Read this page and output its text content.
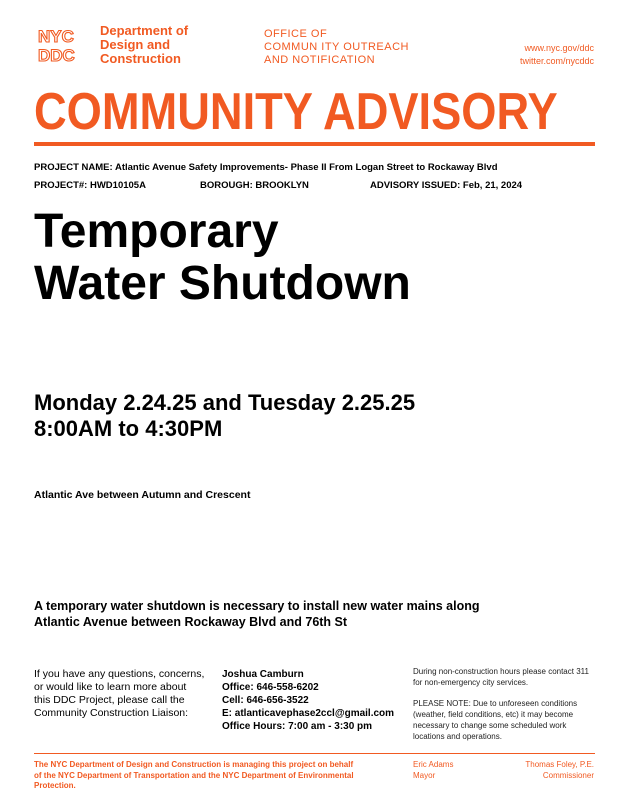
NYC
DDC
Department of
Design and
Construction
OFFICE OF
COMMUN ITY OUTREACH
AND NOTIFICATION
www.nyc.gov/ddc
twitter.com/nycddc
COMMUNITY ADVISORY
PROJECT NAME: Atlantic Avenue Safety Improvements- Phase II From Logan Street to Rockaway Blvd
PROJECT#: HWD10105A	BOROUGH: BROOKLYN	ADVISORY ISSUED: Feb, 21, 2024
Temporary
Water Shutdown
Monday 2.24.25 and Tuesday 2.25.25
8:00AM to 4:30PM
Atlantic Ave between Autumn and Crescent
A temporary water shutdown is necessary to install new water mains along
Atlantic Avenue between Rockaway Blvd and 76th St
If you have any questions, concerns,
or would like to learn more about
this DDC Project, please call the
Community Construction Liaison:
Joshua Camburn
Office: 646-558-6202
Cell: 646-656-3522
E: atlanticavephase2ccl@gmail.com
Office Hours: 7:00 am - 3:30 pm

During non-construction hours please contact 311 for non-emergency city services.

PLEASE NOTE: Due to unforeseen conditions (weather, field conditions, etc) it may become necessary to change some scheduled work locations and operations.

The NYC Department of Design and Construction is managing this project on behalf of the NYC Department of Transportation and the NYC Department of Environmental Protection.
Eric Adams
Mayor
Thomas Foley, P.E.
Commissioner
